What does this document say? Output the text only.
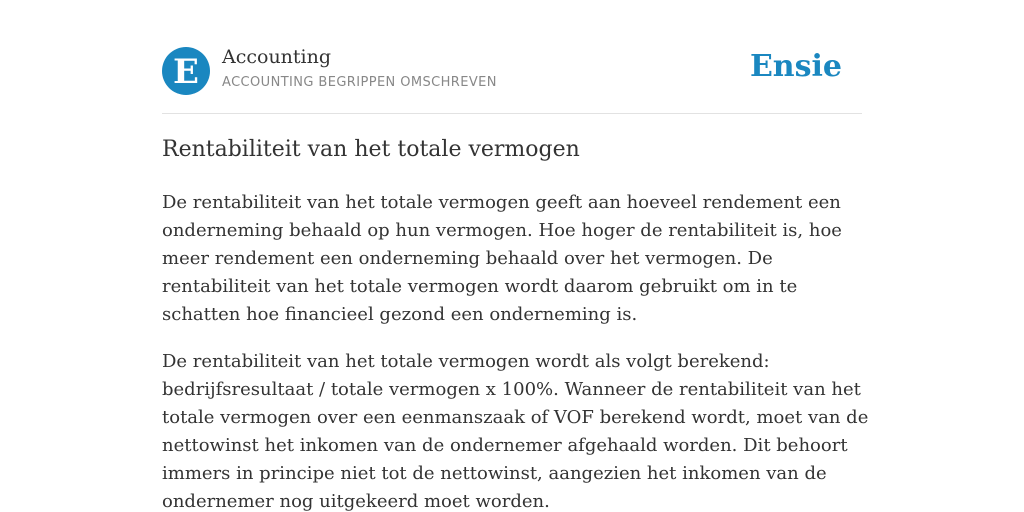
E Accounting
ACCOUNTING BEGRIPPEN OMSCHREVEN	Ensie
Rentabiliteit van het totale vermogen

De rentabiliteit van het totale vermogen geeft aan hoeveel rendement een onderneming behaald op hun vermogen. Hoe hoger de rentabiliteit is, hoe meer rendement een onderneming behaald over het vermogen. De rentabiliteit van het totale vermogen wordt daarom gebruikt om in te schatten hoe financieel gezond een onderneming is.

De rentabiliteit van het totale vermogen wordt als volgt berekend: bedrijfsresultaat / totale vermogen x 100%. Wanneer de rentabiliteit van het totale vermogen over een eenmanszaak of VOF berekend wordt, moet van de nettowinst het inkomen van de ondernemer afgehaald worden. Dit behoort immers in principe niet tot de nettowinst, aangezien het inkomen van de ondernemer nog uitgekeerd moet worden.
